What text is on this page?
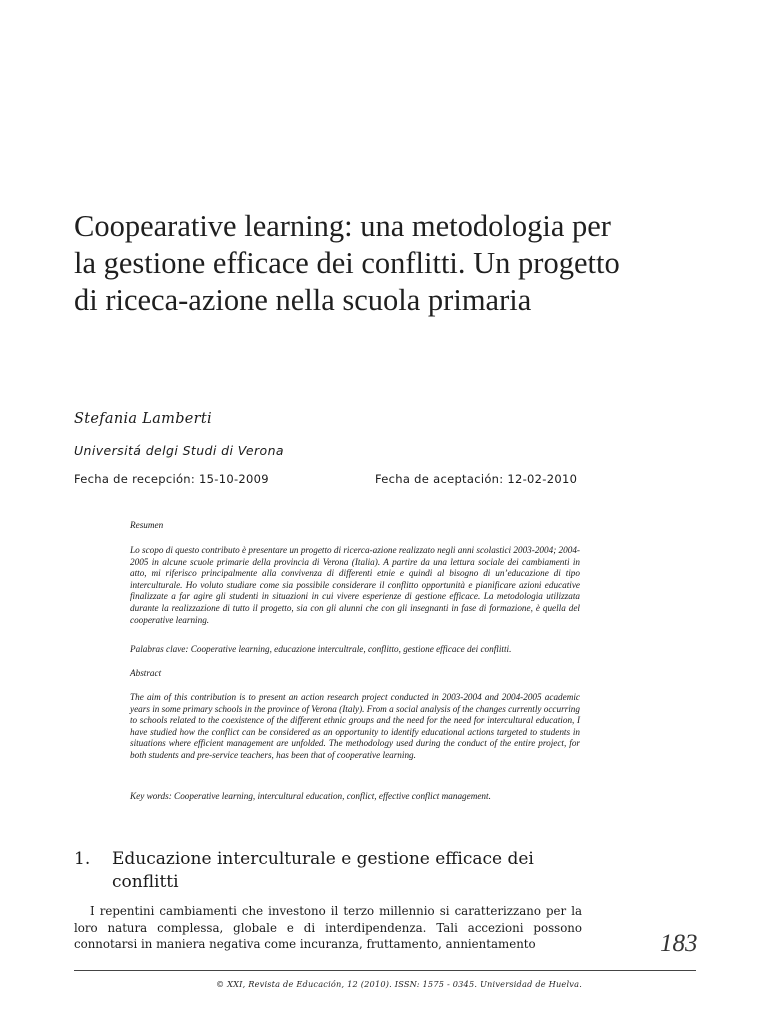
Coopearative learning: una metodologia per la gestione efficace dei conflitti. Un progetto di riceca-azione nella scuola primaria
Stefania Lamberti
Universitá delgi Studi di Verona
Fecha de recepción: 15-10-2009	Fecha de aceptación: 12-02-2010

Resumen

Lo scopo di questo contributo è presentare un progetto di ricerca-azione realizzato negli anni scolastici 2003-2004; 2004-2005 in alcune scuole primarie della provincia di Verona (Italia). A partire da una lettura sociale dei cambiamenti in atto, mi riferisco principalmente alla convivenza di differenti etnie e quindi al bisogno di un’educazione di tipo interculturale. Ho voluto studiare come sia possibile considerare il conflitto opportunità e pianificare azioni educative finalizzate a far agire gli studenti in situazioni in cui vivere esperienze di gestione efficace. La metodologia utilizzata durante la realizzazione di tutto il progetto, sia con gli alunni che con gli insegnanti in fase di formazione, è quella del cooperative learning.

Palabras clave: Cooperative learning, educazione intercultrale, conflitto, gestione efficace dei conflitti.

Abstract

The aim of this contribution is to present an action research project conducted in 2003-2004 and 2004-2005 academic years in some primary schools in the province of Verona (Italy). From a social analysis of the changes currently occurring to schools related to the coexistence of the different ethnic groups and the need for the need for intercultural education, I have studied how the conflict can be considered as an opportunity to identify educational actions targeted to students in situations where efficient management are unfolded. The methodology used during the conduct of the entire project, for both students and pre-service teachers, has been that of cooperative learning.

Key words: Cooperative learning, intercultural education, conflict, effective conflict management.

1.	Educazione interculturale e gestione efficace dei conflitti

I repentini cambiamenti che investono il terzo millennio si caratterizzano per la loro natura complessa, globale e di interdipendenza. Tali accezioni possono connotarsi in maniera negativa come incuranza, fruttamento, annientamento	183
© XXI, Revista de Educación, 12 (2010). ISSN: 1575 - 0345. Universidad de Huelva.
